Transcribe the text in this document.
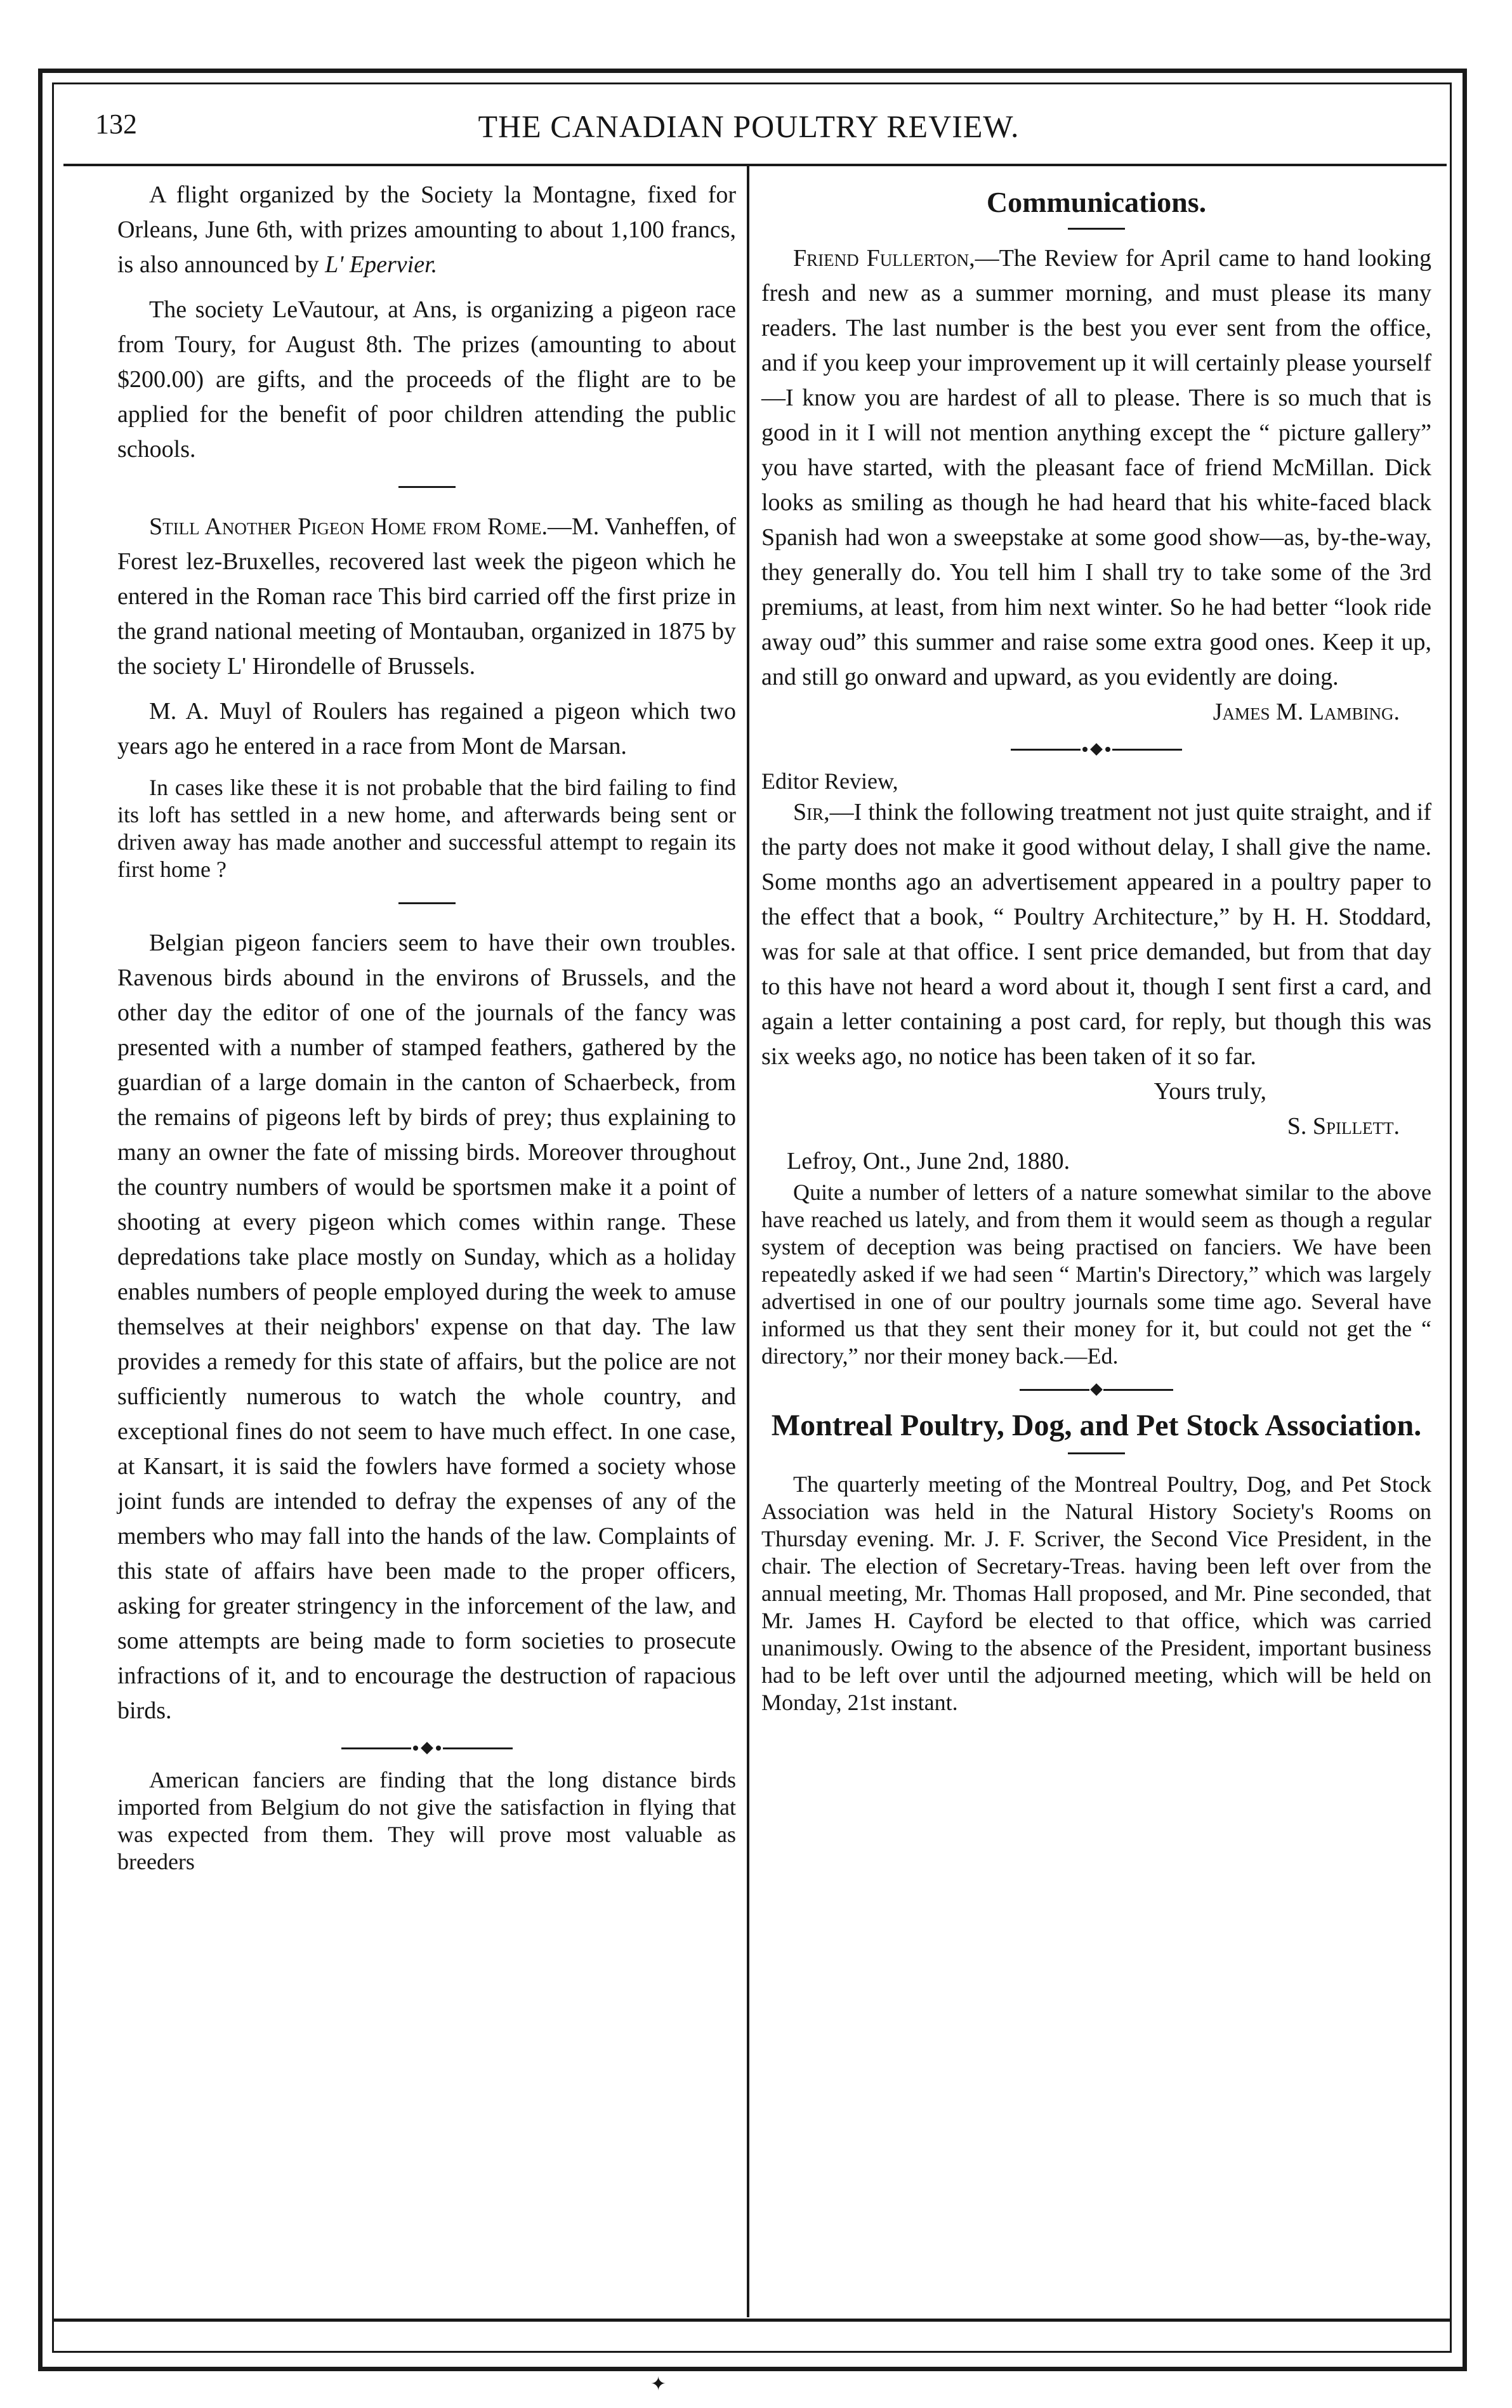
132	THE CANADIAN POULTRY REVIEW.

A flight organized by the Society la Montagne, fixed for Orleans, June 6th, with prizes amounting to about 1,100 francs, is also announced by L' Epervier.

The society LeVautour, at Ans, is organizing a pigeon race from Toury, for August 8th. The prizes (amounting to about $200.00) are gifts, and the proceeds of the flight are to be applied for the benefit of poor children attending the public schools.

Still Another Pigeon Home from Rome.—M. Vanheffen, of Forest lez-Bruxelles, recovered last week the pigeon which he entered in the Roman race This bird carried off the first prize in the grand national meeting of Montauban, organized in 1875 by the society L' Hirondelle of Brussels.

M. A. Muyl of Roulers has regained a pigeon which two years ago he entered in a race from Mont de Marsan.

In cases like these it is not probable that the bird failing to find its loft has settled in a new home, and afterwards being sent or driven away has made another and successful attempt to regain its first home ?

Belgian pigeon fanciers seem to have their own troubles. Ravenous birds abound in the environs of Brussels, and the other day the editor of one of the journals of the fancy was presented with a number of stamped feathers, gathered by the guardian of a large domain in the canton of Schaerbeck, from the remains of pigeons left by birds of prey; thus explaining to many an owner the fate of missing birds. Moreover throughout the country numbers of would be sportsmen make it a point of shooting at every pigeon which comes within range. These depredations take place mostly on Sunday, which as a holiday enables numbers of people employed during the week to amuse themselves at their neighbors' expense on that day. The law provides a remedy for this state of affairs, but the police are not sufficiently numerous to watch the whole country, and exceptional fines do not seem to have much effect. In one case, at Kansart, it is said the fowlers have formed a society whose joint funds are intended to defray the expenses of any of the members who may fall into the hands of the law. Complaints of this state of affairs have been made to the proper officers, asking for greater stringency in the inforcement of the law, and some attempts are being made to form societies to prosecute infractions of it, and to encourage the destruction of rapacious birds.

American fanciers are finding that the long distance birds imported from Belgium do not give the satisfaction in flying that was expected from them. They will prove most valuable as breeders

Communications.

Friend Fullerton,—The Review for April came to hand looking fresh and new as a summer morning, and must please its many readers. The last number is the best you ever sent from the office, and if you keep your improvement up it will certainly please yourself—I know you are hardest of all to please. There is so much that is good in it I will not mention anything except the “ picture gallery” you have started, with the pleasant face of friend McMillan. Dick looks as smiling as though he had heard that his white-faced black Spanish had won a sweepstake at some good show—as, by-the-way, they generally do. You tell him I shall try to take some of the 3rd premiums, at least, from him next winter. So he had better “look ride away oud” this summer and raise some extra good ones. Keep it up, and still go onward and upward, as you evidently are doing.

James M. Lambing.

Editor Review,

Sir,—I think the following treatment not just quite straight, and if the party does not make it good without delay, I shall give the name. Some months ago an advertisement appeared in a poultry paper to the effect that a book, “ Poultry Architecture,” by H. H. Stoddard, was for sale at that office. I sent price demanded, but from that day to this have not heard a word about it, though I sent first a card, and again a letter containing a post card, for reply, but though this was six weeks ago, no notice has been taken of it so far.

Yours truly,

S. Spillett.

Lefroy, Ont., June 2nd, 1880.

Quite a number of letters of a nature somewhat similar to the above have reached us lately, and from them it would seem as though a regular system of deception was being practised on fanciers. We have been repeatedly asked if we had seen “ Martin's Directory,” which was largely advertised in one of our poultry journals some time ago. Several have informed us that they sent their money for it, but could not get the “ directory,” nor their money back.—Ed.

Montreal Poultry, Dog, and Pet Stock Association.

The quarterly meeting of the Montreal Poultry, Dog, and Pet Stock Association was held in the Natural History Society's Rooms on Thursday evening. Mr. J. F. Scriver, the Second Vice President, in the chair. The election of Secretary-Treas. having been left over from the annual meeting, Mr. Thomas Hall proposed, and Mr. Pine seconded, that Mr. James H. Cayford be elected to that office, which was carried unanimously. Owing to the absence of the President, important business had to be left over until the adjourned meeting, which will be held on Monday, 21st instant.

✦
